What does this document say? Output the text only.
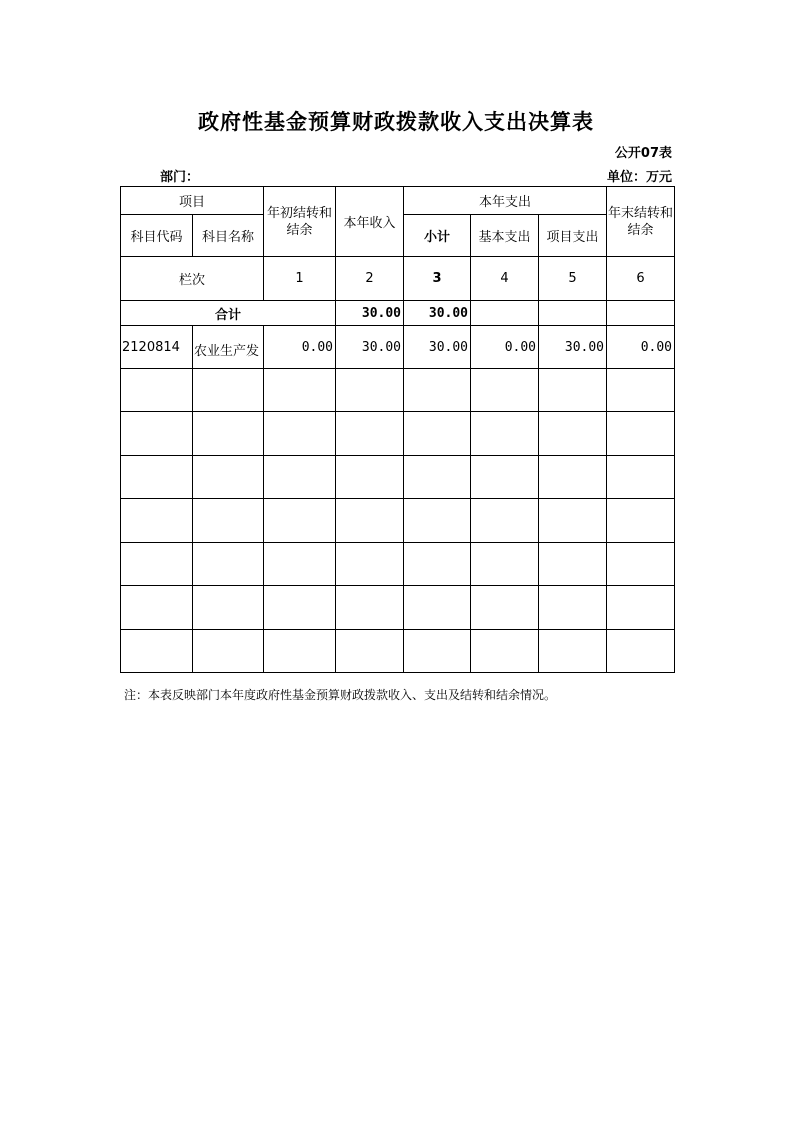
政府性基金预算财政拨款收入支出决算表
公开07表
部门：	单位：万元
项目		年初结转和结余	本年收入	本年支出			年末结转和结余
科目代码	科目名称			小计	基本支出	项目支出	
栏次		1	2	3	4	5	6
合计			30.00	30.00			
2120814	农业生产发	0.00	30.00	30.00	0.00	30.00	0.00

注：本表反映部门本年度政府性基金预算财政拨款收入、支出及结转和结余情况。
